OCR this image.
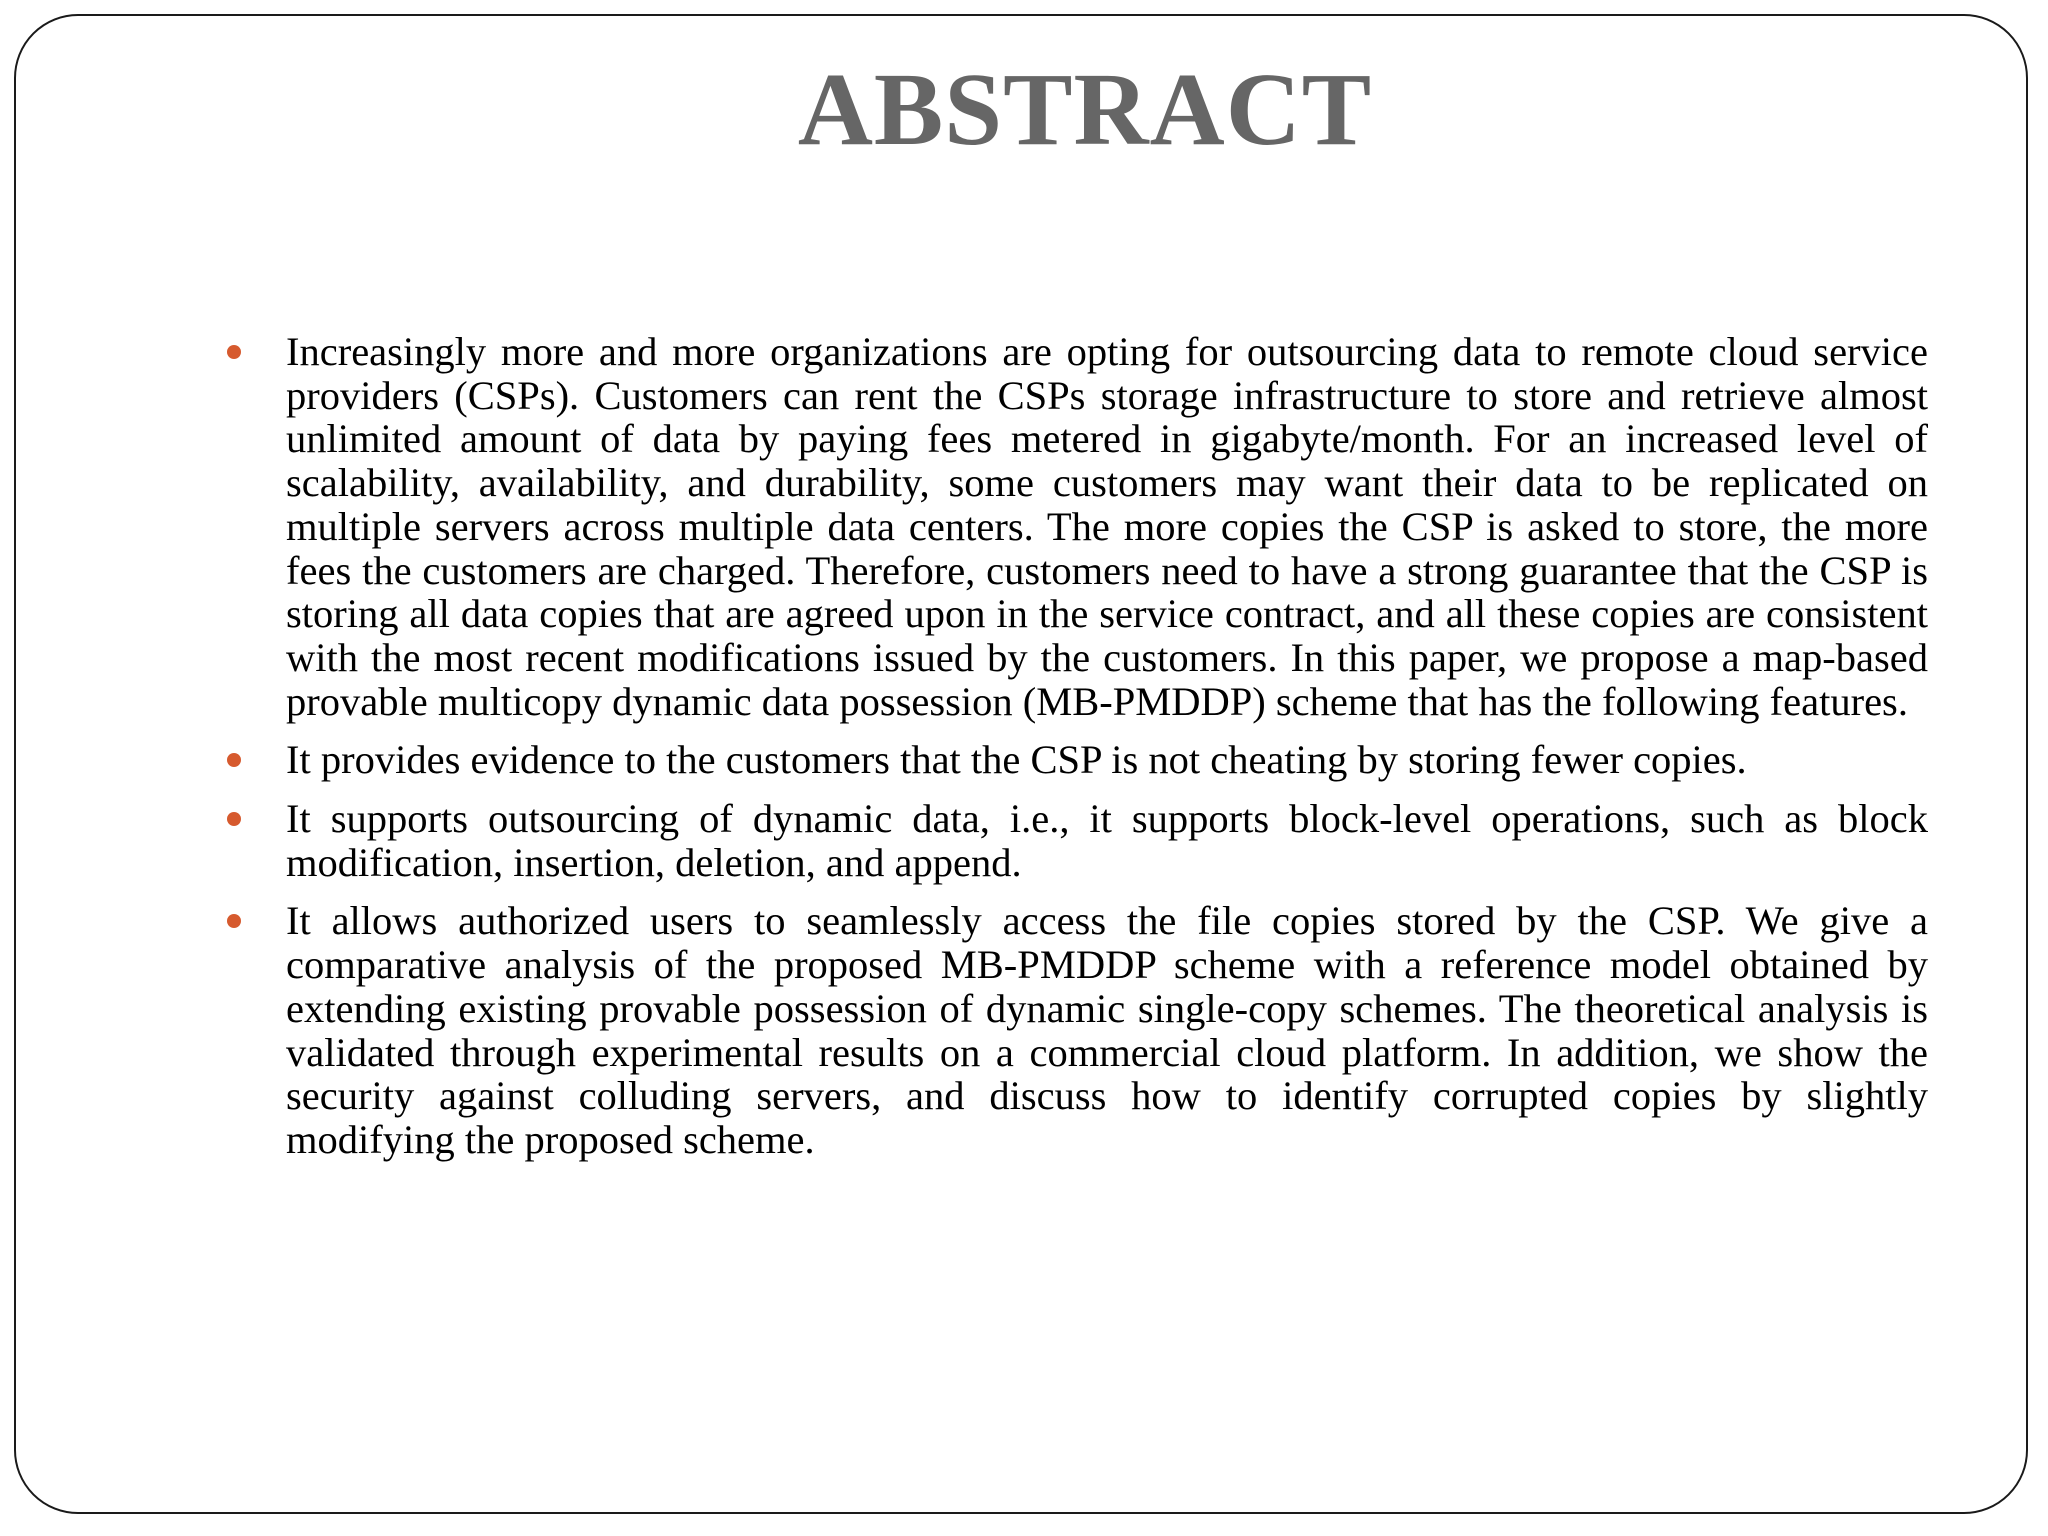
ABSTRACT
Increasingly more and more organizations are opting for outsourcing data to remote cloud service providers (CSPs). Customers can rent the CSPs storage infrastructure to store and retrieve almost unlimited amount of data by paying fees metered in gigabyte/month. For an increased level of scalability, availability, and durability, some customers may want their data to be replicated on multiple servers across multiple data centers. The more copies the CSP is asked to store, the more fees the customers are charged. Therefore, customers need to have a strong guarantee that the CSP is storing all data copies that are agreed upon in the service contract, and all these copies are consistent with the most recent modifications issued by the customers. In this paper, we propose a map-based provable multicopy dynamic data possession (MB-PMDDP) scheme that has the following features.
It provides evidence to the customers that the CSP is not cheating by storing fewer copies.
It supports outsourcing of dynamic data, i.e., it supports block-level operations, such as block modification, insertion, deletion, and append.
It allows authorized users to seamlessly access the file copies stored by the CSP. We give a comparative analysis of the proposed MB-PMDDP scheme with a reference model obtained by extending existing provable possession of dynamic single-copy schemes. The theoretical analysis is validated through experimental results on a commercial cloud platform. In addition, we show the security against colluding servers, and discuss how to identify corrupted copies by slightly modifying the proposed scheme.
